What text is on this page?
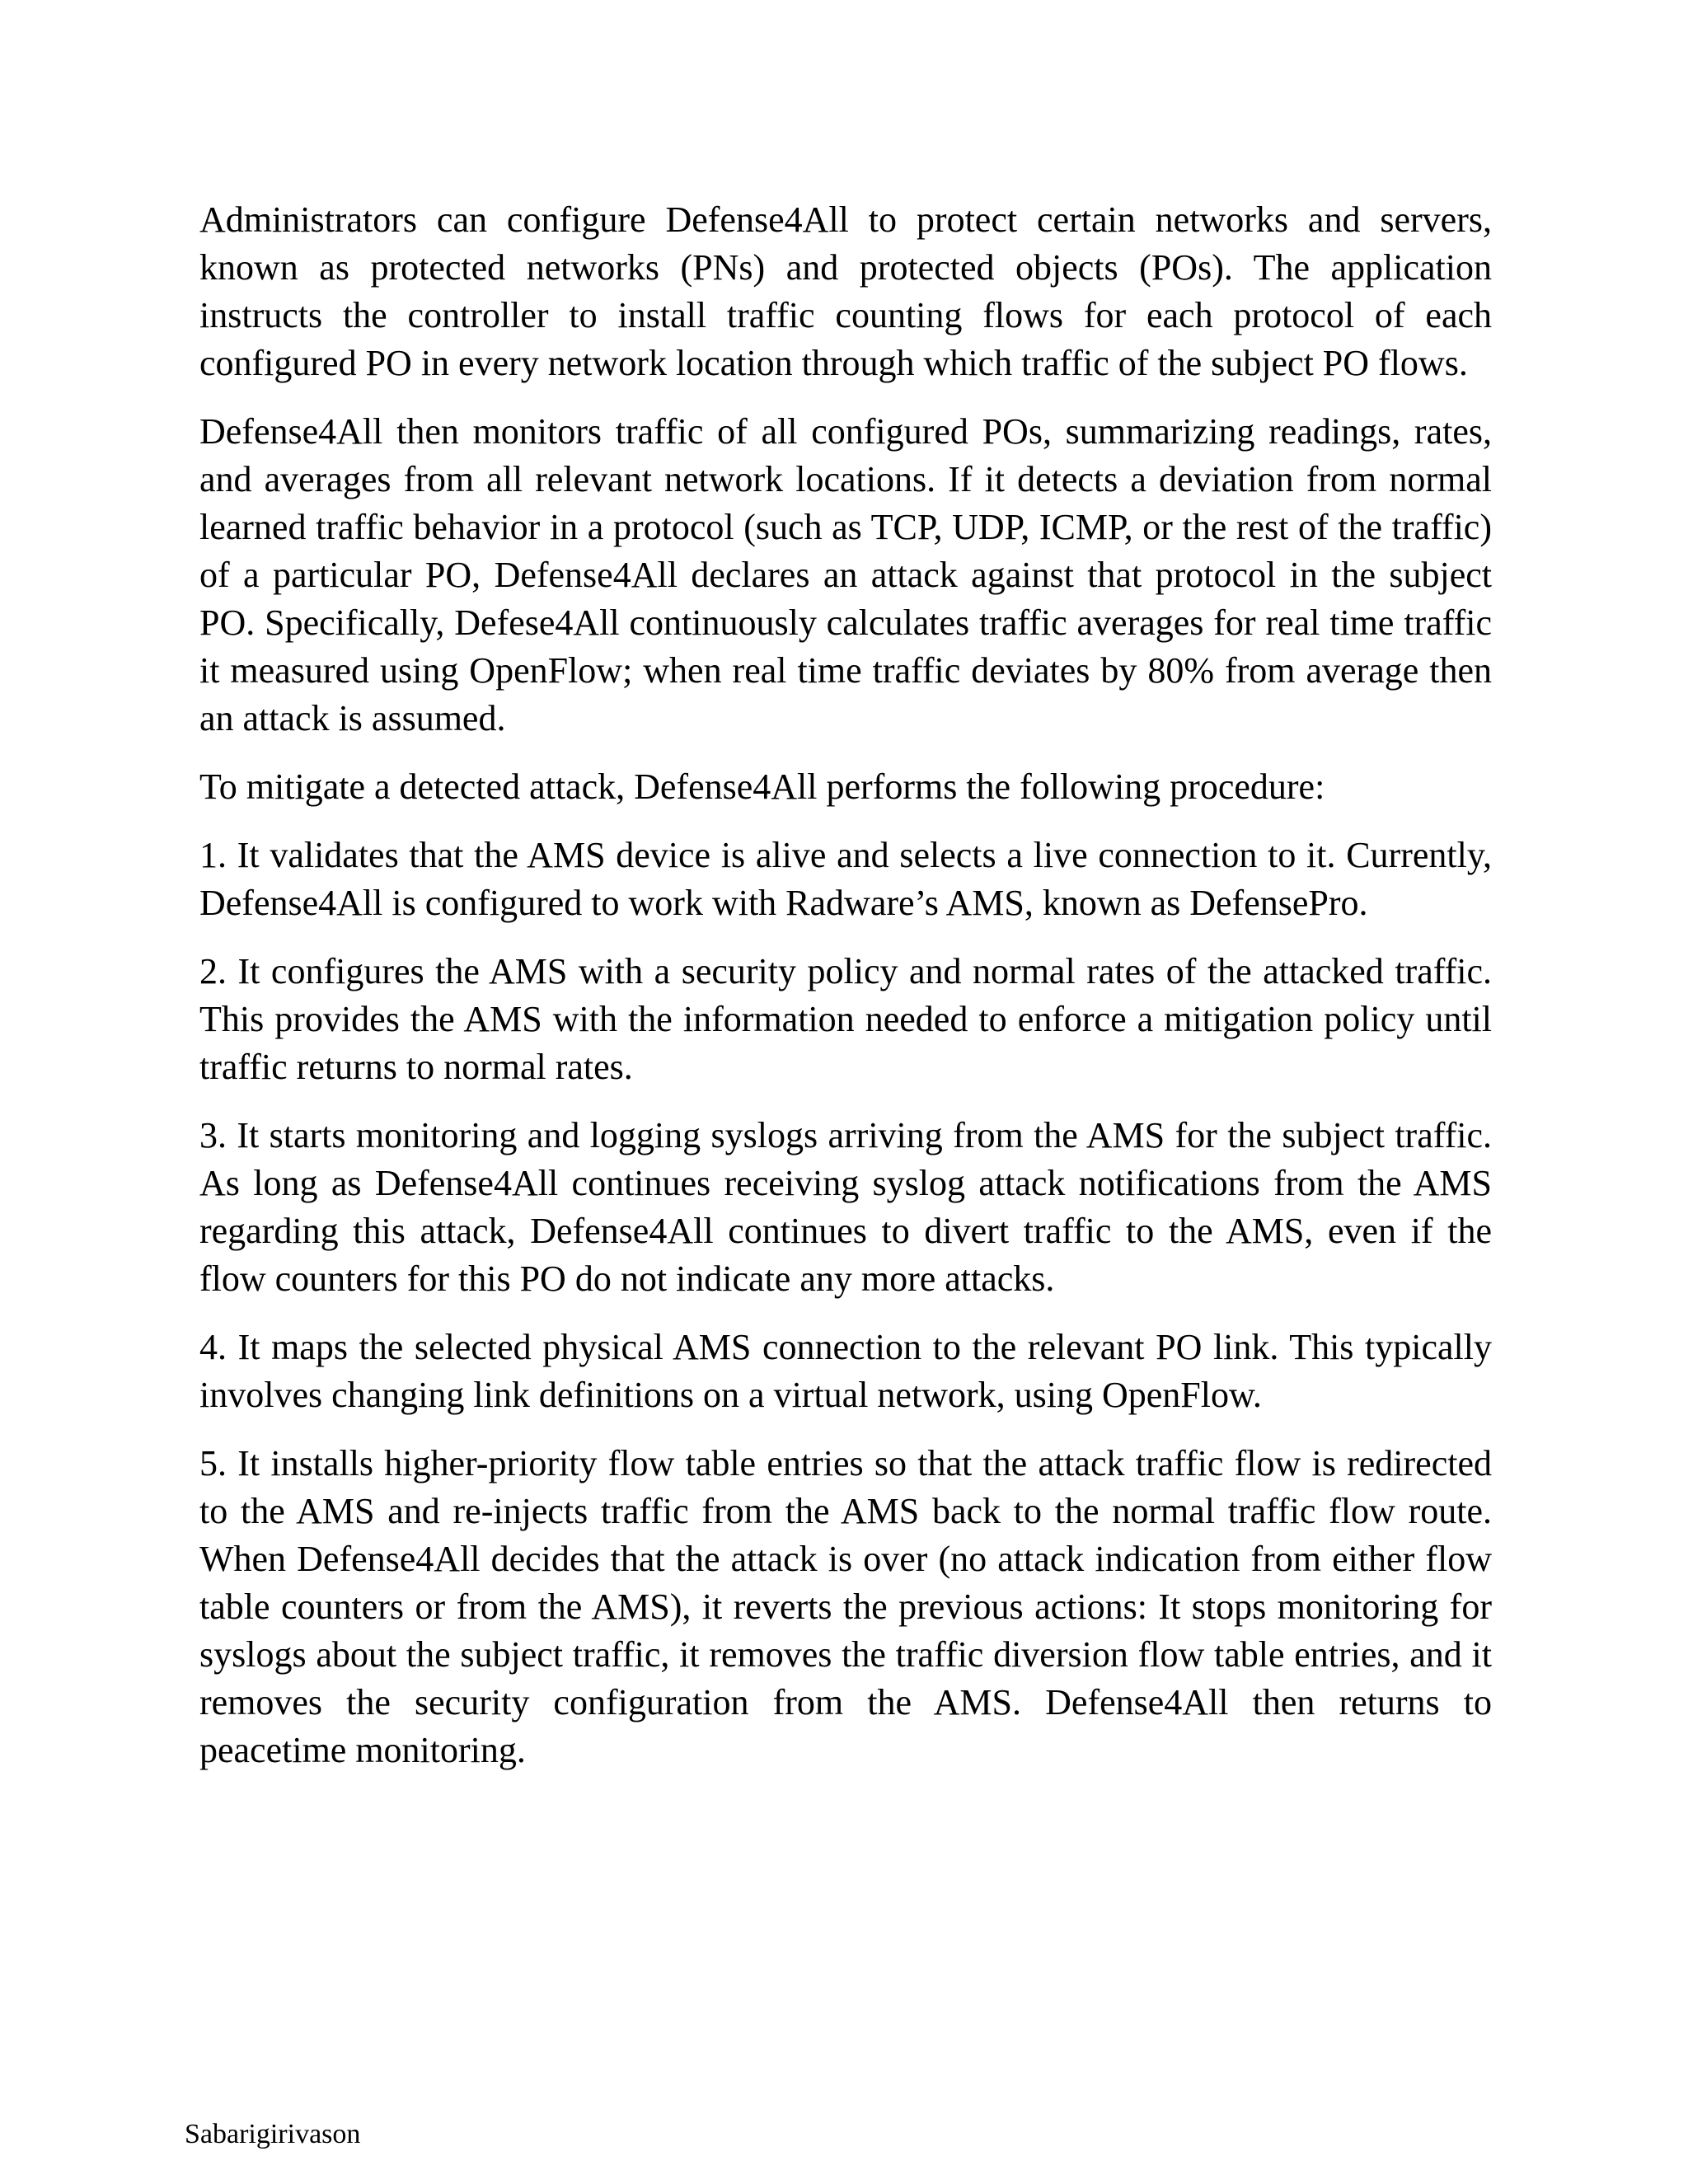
Administrators can configure Defense4All to protect certain networks and servers, known as protected networks (PNs) and protected objects (POs). The application instructs the controller to install traffic counting flows for each protocol of each configured PO in every network location through which traffic of the subject PO flows.

Defense4All then monitors traffic of all configured POs, summarizing readings, rates, and averages from all relevant network locations. If it detects a deviation from normal learned traffic behavior in a protocol (such as TCP, UDP, ICMP, or the rest of the traffic) of a particular PO, Defense4All declares an attack against that protocol in the subject PO. Specifically, Defese4All continuously calculates traffic averages for real time traffic it measured using OpenFlow; when real time traffic deviates by 80% from average then an attack is assumed.

To mitigate a detected attack, Defense4All performs the following procedure:

1. It validates that the AMS device is alive and selects a live connection to it. Currently, Defense4All is configured to work with Radware’s AMS, known as DefensePro.

2. It configures the AMS with a security policy and normal rates of the attacked traffic. This provides the AMS with the information needed to enforce a mitigation policy until traffic returns to normal rates.

3. It starts monitoring and logging syslogs arriving from the AMS for the subject traffic. As long as Defense4All continues receiving syslog attack notifications from the AMS regarding this attack, Defense4All continues to divert traffic to the AMS, even if the flow counters for this PO do not indicate any more attacks.

4. It maps the selected physical AMS connection to the relevant PO link. This typically involves changing link definitions on a virtual network, using OpenFlow.

5. It installs higher-priority flow table entries so that the attack traffic flow is redirected to the AMS and re-injects traffic from the AMS back to the normal traffic flow route. When Defense4All decides that the attack is over (no attack indication from either flow table counters or from the AMS), it reverts the previous actions: It stops monitoring for syslogs about the subject traffic, it removes the traffic diversion flow table entries, and it removes the security configuration from the AMS. Defense4All then returns to peacetime monitoring.

Sabarigirivason
